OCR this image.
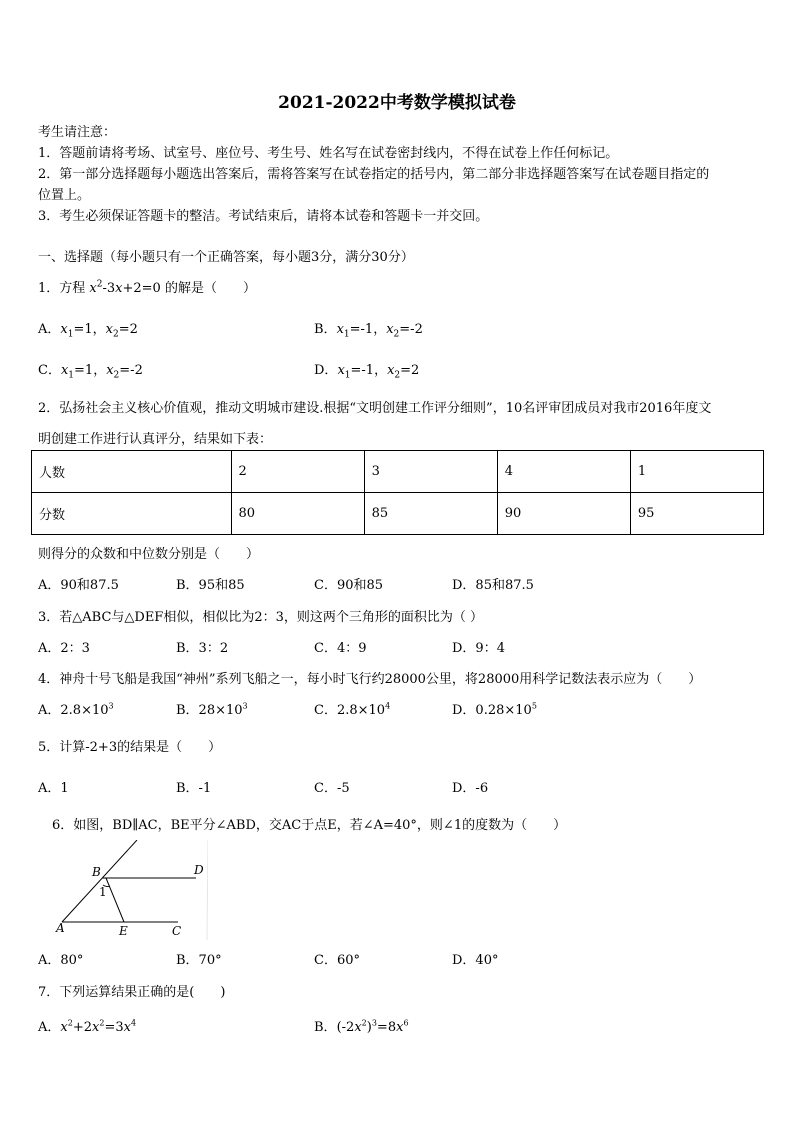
2021-2022中考数学模拟试卷
考生请注意：
1．答题前请将考场、试室号、座位号、考生号、姓名写在试卷密封线内，不得在试卷上作任何标记。
2．第一部分选择题每小题选出答案后，需将答案写在试卷指定的括号内，第二部分非选择题答案写在试卷题目指定的
位置上。
3．考生必须保证答题卡的整洁。考试结束后，请将本试卷和答题卡一并交回。
一、选择题（每小题只有一个正确答案，每小题3分，满分30分）
1．方程 $x^2-3x+2=0$ 的解是（　　）
A．$x_1=1$，$x_2=2$	B．$x_1=-1$，$x_2=-2$
C．$x_1=1$，$x_2=-2$	D．$x_1=-1$，$x_2=2$
2．弘扬社会主义核心价值观，推动文明城市建设.根据“文明创建工作评分细则”，10名评审团成员对我市2016年度文
明创建工作进行认真评分，结果如下表：
人数	2	3	4	1
分数	80	85	90	95
则得分的众数和中位数分别是（　　）
A．90和87.5	B．95和85	C．90和85	D．85和87.5
3．若△ABC与△DEF相似，相似比为2：3，则这两个三角形的面积比为（ ）
A．2：3	B．3：2	C．4：9	D．9：4
4．神舟十号飞船是我国“神州”系列飞船之一，每小时飞行约28000公里，将28000用科学记数法表示应为（　　）
A．$2.8\times 10^3$	B．$28\times 10^3$	C．$2.8\times 10^4$	D．$0.28\times 10^5$
5．计算-2+3的结果是（　　）
A．1	B．-1	C．-5	D．-6
6．如图，BD∥AC，BE平分∠ABD，交AC于点E，若∠A=40°，则∠1的度数为（　　）
B	D
1
A	E	C
A．80°	B．70°	C．60°	D．40°
7．下列运算结果正确的是(　　)
A．$x^2+2x^2=3x^4$	B．$(-2x^2)^3=8x^6$
